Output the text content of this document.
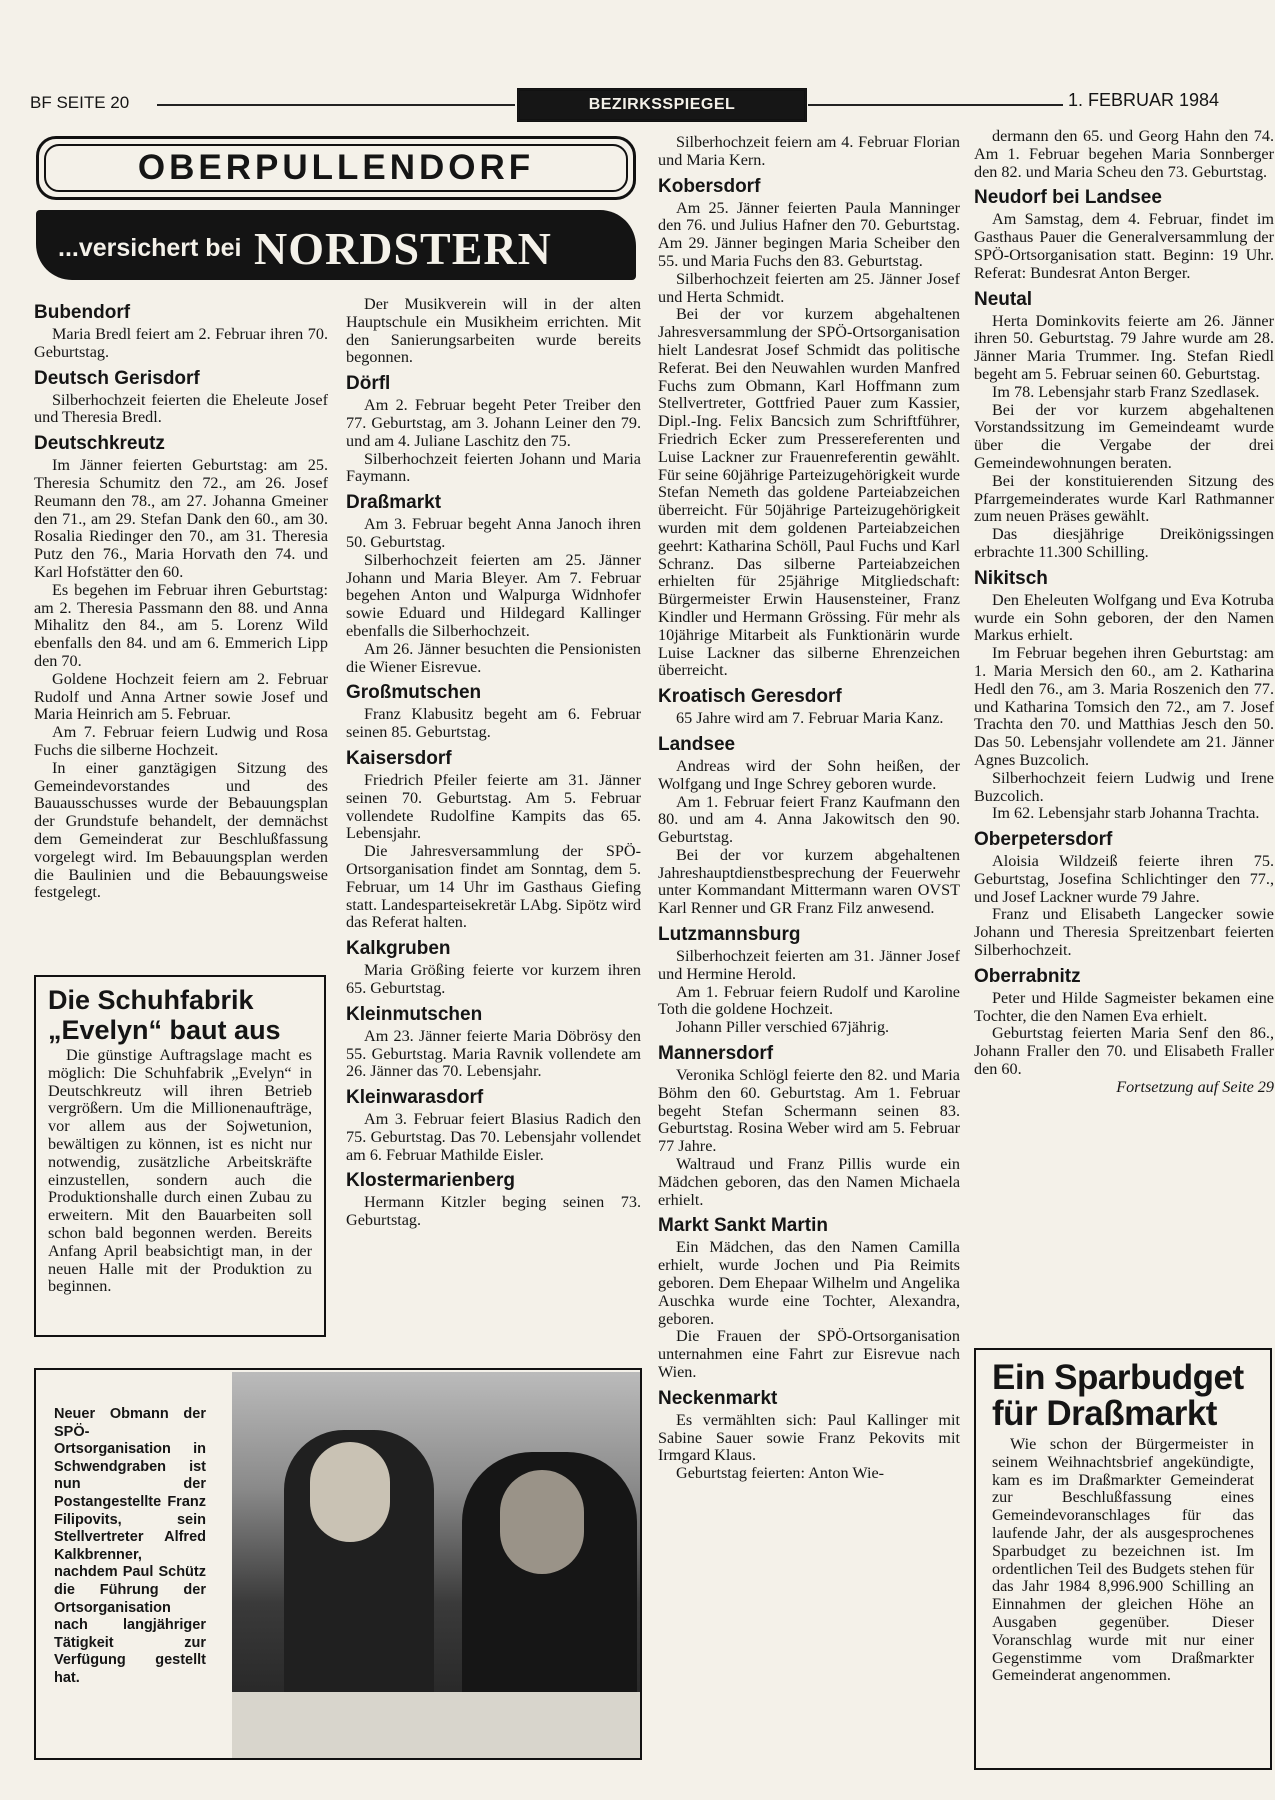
BF SEITE 20	BEZIRKSSPIEGEL	1. FEBRUAR 1984
OBERPULLENDORF
...versichert bei NORDSTERN
Bubendorf

Maria Bredl feiert am 2. Februar ihren 70. Geburtstag.

Deutsch Gerisdorf

Silberhochzeit feierten die Eheleute Josef und Theresia Bredl.

Deutschkreutz

Im Jänner feierten Geburtstag: am 25. Theresia Schumitz den 72., am 26. Josef Reumann den 78., am 27. Johanna Gmeiner den 71., am 29. Stefan Dank den 60., am 30. Rosalia Riedinger den 70., am 31. Theresia Putz den 76., Maria Horvath den 74. und Karl Hofstätter den 60.

Es begehen im Februar ihren Geburtstag: am 2. Theresia Passmann den 88. und Anna Mihalitz den 84., am 5. Lorenz Wild ebenfalls den 84. und am 6. Emmerich Lipp den 70.

Goldene Hochzeit feiern am 2. Februar Rudolf und Anna Artner sowie Josef und Maria Heinrich am 5. Februar.

Am 7. Februar feiern Ludwig und Rosa Fuchs die silberne Hochzeit.

In einer ganztägigen Sitzung des Gemeindevorstandes und des Bauausschusses wurde der Bebauungsplan der Grundstufe behandelt, der demnächst dem Gemeinderat zur Beschlußfassung vorgelegt wird. Im Bebauungsplan werden die Baulinien und die Bebauungsweise festgelegt.

Der Musikverein will in der alten Hauptschule ein Musikheim errichten. Mit den Sanierungsarbeiten wurde bereits begonnen.

Dörfl

Am 2. Februar begeht Peter Treiber den 77. Geburtstag, am 3. Johann Leiner den 79. und am 4. Juliane Laschitz den 75.

Silberhochzeit feierten Johann und Maria Faymann.

Draßmarkt

Am 3. Februar begeht Anna Janoch ihren 50. Geburtstag.

Silberhochzeit feierten am 25. Jänner Johann und Maria Bleyer. Am 7. Februar begehen Anton und Walpurga Widnhofer sowie Eduard und Hildegard Kallinger ebenfalls die Silberhochzeit.

Am 26. Jänner besuchten die Pensionisten die Wiener Eisrevue.

Großmutschen

Franz Klabusitz begeht am 6. Februar seinen 85. Geburtstag.

Kaisersdorf

Friedrich Pfeiler feierte am 31. Jänner seinen 70. Geburtstag. Am 5. Februar vollendete Rudolfine Kampits das 65. Lebensjahr.

Die Jahresversammlung der SPÖ-Ortsorganisation findet am Sonntag, dem 5. Februar, um 14 Uhr im Gasthaus Giefing statt. Landesparteisekretär LAbg. Sipötz wird das Referat halten.

Kalkgruben

Maria Größing feierte vor kurzem ihren 65. Geburtstag.

Kleinmutschen

Am 23. Jänner feierte Maria Döbrösy den 55. Geburtstag. Maria Ravnik vollendete am 26. Jänner das 70. Lebensjahr.

Kleinwarasdorf

Am 3. Februar feiert Blasius Radich den 75. Geburtstag. Das 70. Lebensjahr vollendet am 6. Februar Mathilde Eisler.

Klostermarienberg

Hermann Kitzler beging seinen 73. Geburtstag.

Silberhochzeit feiern am 4. Februar Florian und Maria Kern.

Kobersdorf

Am 25. Jänner feierten Paula Manninger den 76. und Julius Hafner den 70. Geburtstag. Am 29. Jänner begingen Maria Scheiber den 55. und Maria Fuchs den 83. Geburtstag.

Silberhochzeit feierten am 25. Jänner Josef und Herta Schmidt.

Bei der vor kurzem abgehaltenen Jahresversammlung der SPÖ-Ortsorganisation hielt Landesrat Josef Schmidt das politische Referat. Bei den Neuwahlen wurden Manfred Fuchs zum Obmann, Karl Hoffmann zum Stellvertreter, Gottfried Pauer zum Kassier, Dipl.-Ing. Felix Bancsich zum Schriftführer, Friedrich Ecker zum Pressereferenten und Luise Lackner zur Frauenreferentin gewählt. Für seine 60jährige Parteizugehörigkeit wurde Stefan Nemeth das goldene Parteiabzeichen überreicht. Für 50jährige Parteizugehörigkeit wurden mit dem goldenen Parteiabzeichen geehrt: Katharina Schöll, Paul Fuchs und Karl Schranz. Das silberne Parteiabzeichen erhielten für 25jährige Mitgliedschaft: Bürgermeister Erwin Hausensteiner, Franz Kindler und Hermann Grössing. Für mehr als 10jährige Mitarbeit als Funktionärin wurde Luise Lackner das silberne Ehrenzeichen überreicht.

Kroatisch Geresdorf

65 Jahre wird am 7. Februar Maria Kanz.

Landsee

Andreas wird der Sohn heißen, der Wolfgang und Inge Schrey geboren wurde.

Am 1. Februar feiert Franz Kaufmann den 80. und am 4. Anna Jakowitsch den 90. Geburtstag.

Bei der vor kurzem abgehaltenen Jahreshauptdienstbesprechung der Feuerwehr unter Kommandant Mittermann waren OVST Karl Renner und GR Franz Filz anwesend.

Lutzmannsburg

Silberhochzeit feierten am 31. Jänner Josef und Hermine Herold.

Am 1. Februar feiern Rudolf und Karoline Toth die goldene Hochzeit.

Johann Piller verschied 67jährig.

Mannersdorf

Veronika Schlögl feierte den 82. und Maria Böhm den 60. Geburtstag. Am 1. Februar begeht Stefan Schermann seinen 83. Geburtstag. Rosina Weber wird am 5. Februar 77 Jahre.

Waltraud und Franz Pillis wurde ein Mädchen geboren, das den Namen Michaela erhielt.

Markt Sankt Martin

Ein Mädchen, das den Namen Camilla erhielt, wurde Jochen und Pia Reimits geboren. Dem Ehepaar Wilhelm und Angelika Auschka wurde eine Tochter, Alexandra, geboren.

Die Frauen der SPÖ-Ortsorganisation unternahmen eine Fahrt zur Eisrevue nach Wien.

Neckenmarkt

Es vermählten sich: Paul Kallinger mit Sabine Sauer sowie Franz Pekovits mit Irmgard Klaus.

Geburtstag feierten: Anton Wie-

dermann den 65. und Georg Hahn den 74. Am 1. Februar begehen Maria Sonnberger den 82. und Maria Scheu den 73. Geburtstag.

Neudorf bei Landsee

Am Samstag, dem 4. Februar, findet im Gasthaus Pauer die Generalversammlung der SPÖ-Ortsorganisation statt. Beginn: 19 Uhr. Referat: Bundesrat Anton Berger.

Neutal

Herta Dominkovits feierte am 26. Jänner ihren 50. Geburtstag. 79 Jahre wurde am 28. Jänner Maria Trummer. Ing. Stefan Riedl begeht am 5. Februar seinen 60. Geburtstag.

Im 78. Lebensjahr starb Franz Szedlasek.

Bei der vor kurzem abgehaltenen Vorstandssitzung im Gemeindeamt wurde über die Vergabe der drei Gemeindewohnungen beraten.

Bei der konstituierenden Sitzung des Pfarrgemeinderates wurde Karl Rathmanner zum neuen Präses gewählt.

Das diesjährige Dreikönigssingen erbrachte 11.300 Schilling.

Nikitsch

Den Eheleuten Wolfgang und Eva Kotruba wurde ein Sohn geboren, der den Namen Markus erhielt.

Im Februar begehen ihren Geburtstag: am 1. Maria Mersich den 60., am 2. Katharina Hedl den 76., am 3. Maria Roszenich den 77. und Katharina Tomsich den 72., am 7. Josef Trachta den 70. und Matthias Jesch den 50. Das 50. Lebensjahr vollendete am 21. Jänner Agnes Buzcolich.

Silberhochzeit feiern Ludwig und Irene Buzcolich.

Im 62. Lebensjahr starb Johanna Trachta.

Oberpetersdorf

Aloisia Wildzeiß feierte ihren 75. Geburtstag, Josefina Schlichtinger den 77., und Josef Lackner wurde 79 Jahre.

Franz und Elisabeth Langecker sowie Johann und Theresia Spreitzenbart feierten Silberhochzeit.

Oberrabnitz

Peter und Hilde Sagmeister bekamen eine Tochter, die den Namen Eva erhielt.

Geburtstag feierten Maria Senf den 86., Johann Fraller den 70. und Elisabeth Fraller den 60.

Fortsetzung auf Seite 29

Die Schuhfabrik „Evelyn“ baut aus

Die günstige Auftragslage macht es möglich: Die Schuhfabrik „Evelyn“ in Deutschkreutz will ihren Betrieb vergrößern. Um die Millionenaufträge, vor allem aus der Sojwetunion, bewältigen zu können, ist es nicht nur notwendig, zusätzliche Arbeitskräfte einzustellen, sondern auch die Produktionshalle durch einen Zubau zu erweitern. Mit den Bauarbeiten soll schon bald begonnen werden. Bereits Anfang April beabsichtigt man, in der neuen Halle mit der Produktion zu beginnen.

Neuer Obmann der SPÖ-Ortsorganisation in Schwendgraben ist nun der Postangestellte Franz Filipovits, sein Stellvertreter Alfred Kalkbrenner, nachdem Paul Schütz die Führung der Ortsorganisation nach langjähriger Tätigkeit zur Verfügung gestellt hat.
Ein Sparbudget für Draßmarkt

Wie schon der Bürgermeister in seinem Weihnachtsbrief angekündigte, kam es im Draßmarkter Gemeinderat zur Beschlußfassung eines Gemeindevoranschlages für das laufende Jahr, der als ausgesprochenes Sparbudget zu bezeichnen ist. Im ordentlichen Teil des Budgets stehen für das Jahr 1984 8,996.900 Schilling an Einnahmen der gleichen Höhe an Ausgaben gegenüber. Dieser Voranschlag wurde mit nur einer Gegenstimme vom Draßmarkter Gemeinderat angenommen.
